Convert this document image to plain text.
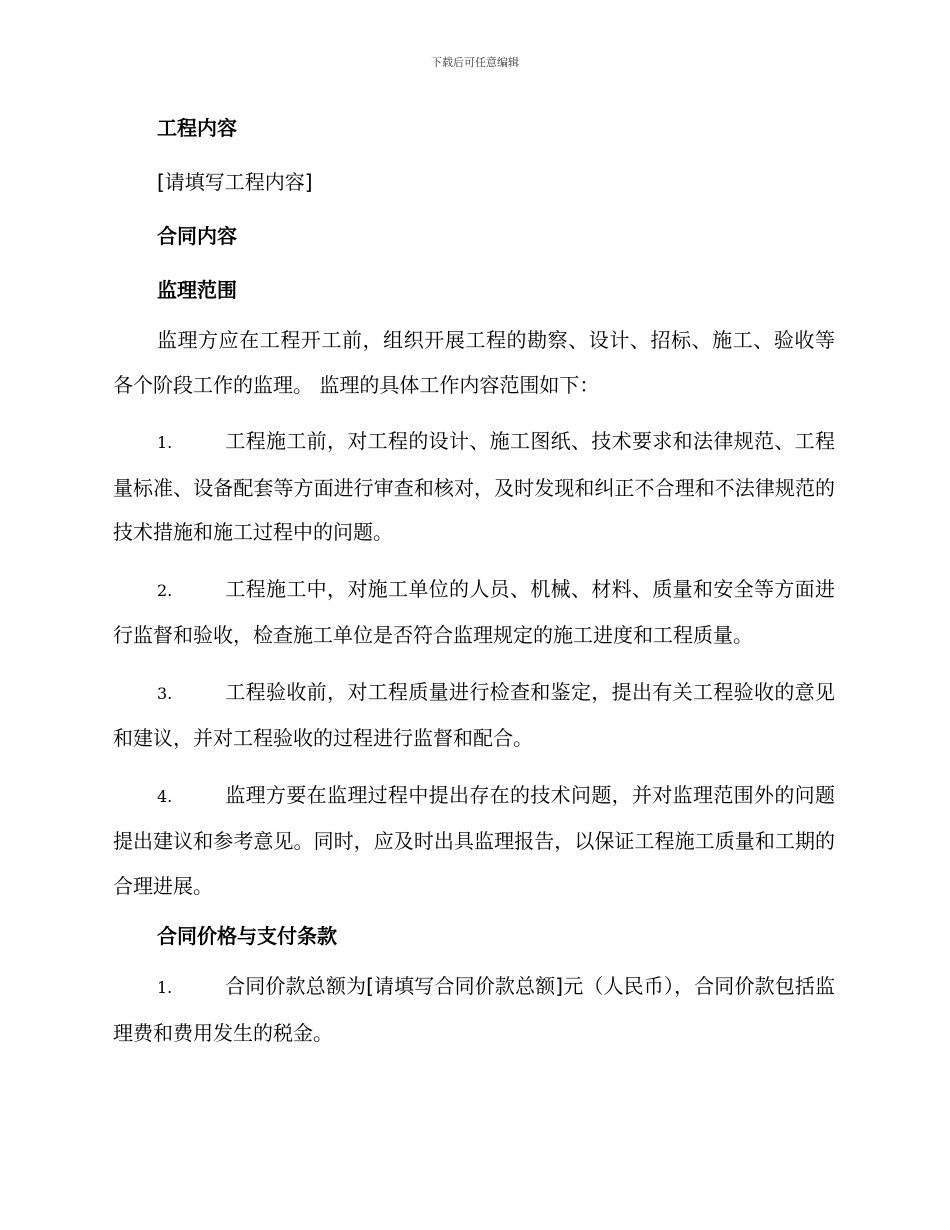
下载后可任意编辑
工程内容

[请填写工程内容]

合同内容
监理范围

监理方应在工程开工前，组织开展工程的勘察、设计、招标、施工、验收等各个阶段工作的监理。 监理的具体工作内容范围如下：

1.	工程施工前，对工程的设计、施工图纸、技术要求和法律规范、工程量标准、设备配套等方面进行审查和核对，及时发现和纠正不合理和不法律规范的技术措施和施工过程中的问题。

2.	工程施工中，对施工单位的人员、机械、材料、质量和安全等方面进行监督和验收，检查施工单位是否符合监理规定的施工进度和工程质量。

3.	工程验收前，对工程质量进行检查和鉴定，提出有关工程验收的意见和建议，并对工程验收的过程进行监督和配合。

4.	监理方要在监理过程中提出存在的技术问题，并对监理范围外的问题提出建议和参考意见。同时，应及时出具监理报告，以保证工程施工质量和工期的合理进展。

合同价格与支付条款

1.	合同价款总额为[请填写合同价款总额]元（人民币），合同价款包括监理费和费用发生的税金。
